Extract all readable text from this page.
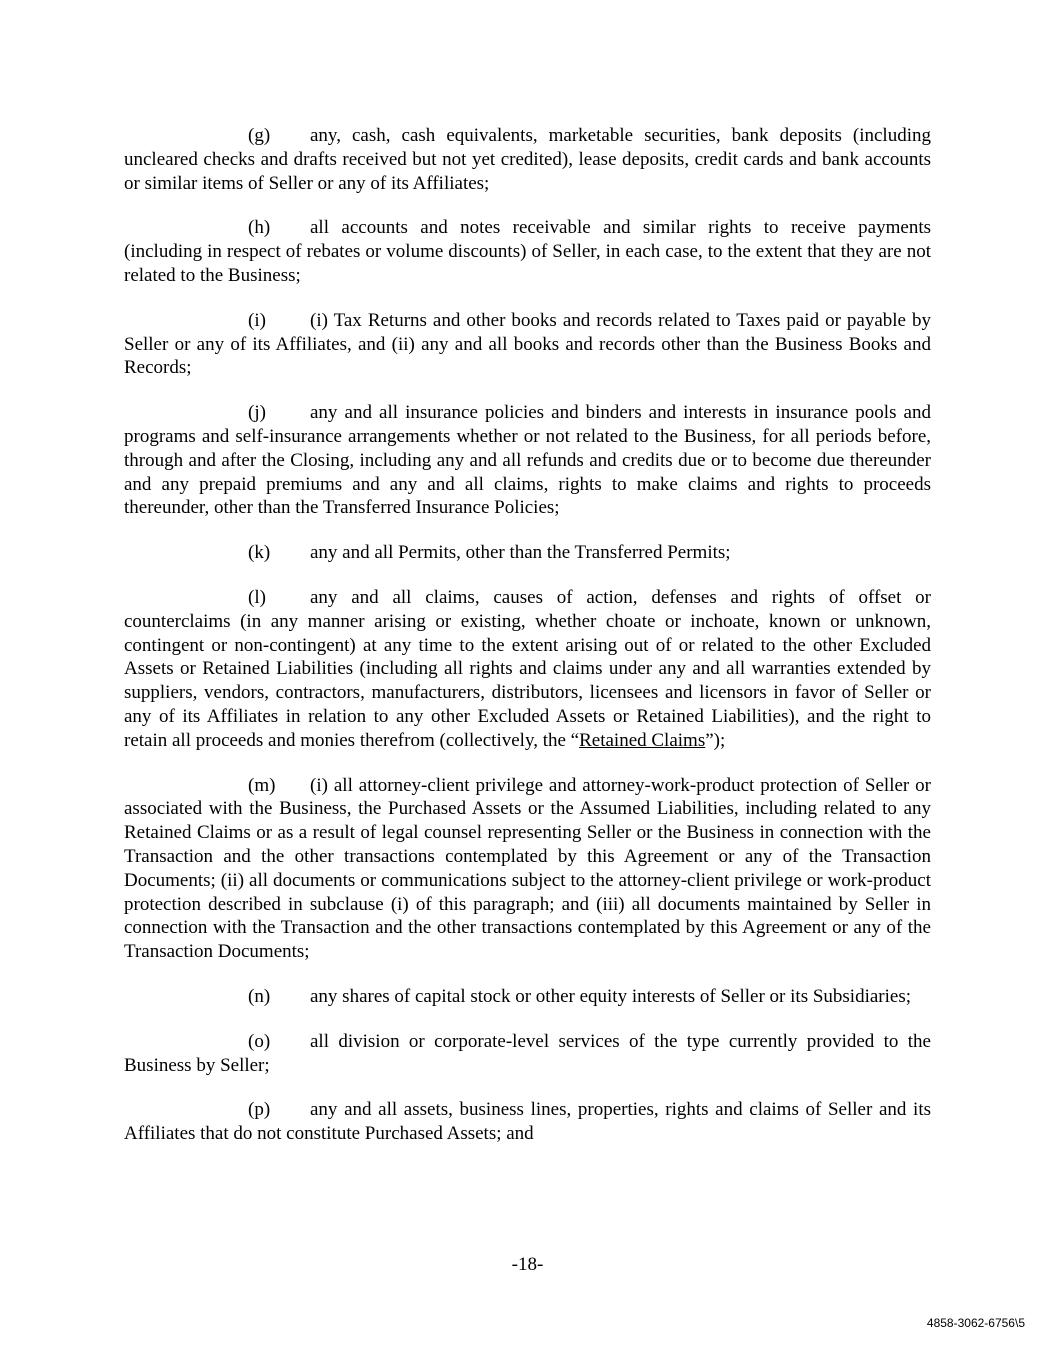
(g) any, cash, cash equivalents, marketable securities, bank deposits (including uncleared checks and drafts received but not yet credited), lease deposits, credit cards and bank accounts or similar items of Seller or any of its Affiliates;

(h) all accounts and notes receivable and similar rights to receive payments (including in respect of rebates or volume discounts) of Seller, in each case, to the extent that they are not related to the Business;

(i) (i) Tax Returns and other books and records related to Taxes paid or payable by Seller or any of its Affiliates, and (ii) any and all books and records other than the Business Books and Records;

(j) any and all insurance policies and binders and interests in insurance pools and programs and self-insurance arrangements whether or not related to the Business, for all periods before, through and after the Closing, including any and all refunds and credits due or to become due thereunder and any prepaid premiums and any and all claims, rights to make claims and rights to proceeds thereunder, other than the Transferred Insurance Policies;

(k) any and all Permits, other than the Transferred Permits;

(l) any and all claims, causes of action, defenses and rights of offset or counterclaims (in any manner arising or existing, whether choate or inchoate, known or unknown, contingent or non-contingent) at any time to the extent arising out of or related to the other Excluded Assets or Retained Liabilities (including all rights and claims under any and all warranties extended by suppliers, vendors, contractors, manufacturers, distributors, licensees and licensors in favor of Seller or any of its Affiliates in relation to any other Excluded Assets or Retained Liabilities), and the right to retain all proceeds and monies therefrom (collectively, the “Retained Claims”);

(m) (i) all attorney-client privilege and attorney-work-product protection of Seller or associated with the Business, the Purchased Assets or the Assumed Liabilities, including related to any Retained Claims or as a result of legal counsel representing Seller or the Business in connection with the Transaction and the other transactions contemplated by this Agreement or any of the Transaction Documents; (ii) all documents or communications subject to the attorney-client privilege or work-product protection described in subclause (i) of this paragraph; and (iii) all documents maintained by Seller in connection with the Transaction and the other transactions contemplated by this Agreement or any of the Transaction Documents;

(n) any shares of capital stock or other equity interests of Seller or its Subsidiaries;

(o) all division or corporate-level services of the type currently provided to the Business by Seller;

(p) any and all assets, business lines, properties, rights and claims of Seller and its Affiliates that do not constitute Purchased Assets; and

-18-
4858-3062-6756\5
